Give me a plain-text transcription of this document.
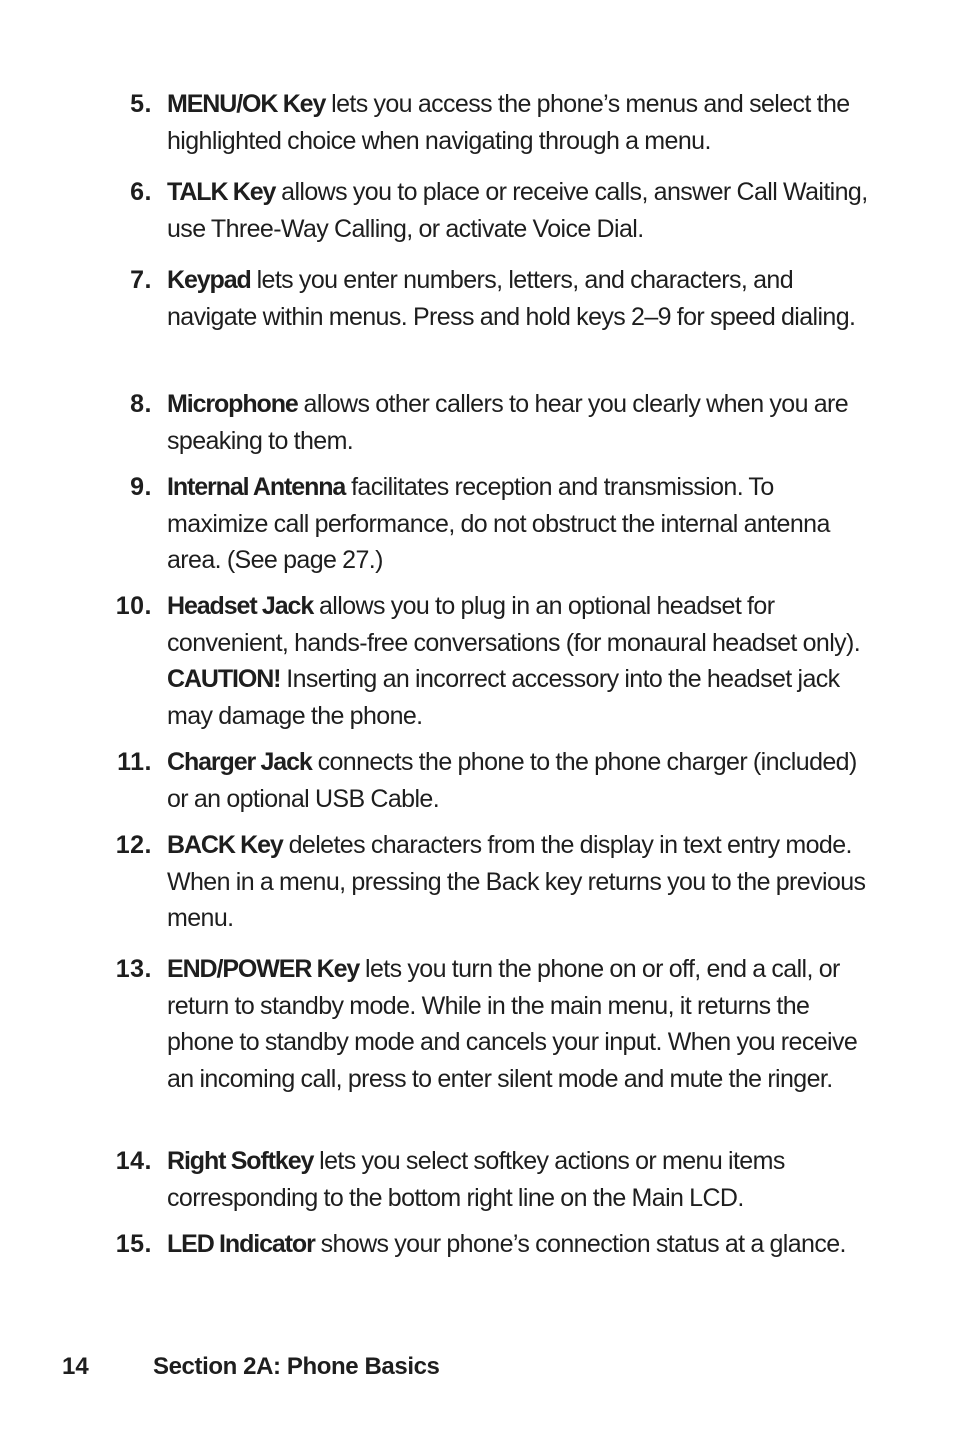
5. MENU/OK Key lets you access the phone’s menus and select the highlighted choice when navigating through a menu.
6. TALK Key allows you to place or receive calls, answer Call Waiting, use Three-Way Calling, or activate Voice Dial.
7. Keypad lets you enter numbers, letters, and characters, and navigate within menus. Press and hold keys 2–9 for speed dialing.
8. Microphone allows other callers to hear you clearly when you are speaking to them.
9. Internal Antenna facilitates reception and transmission. To maximize call performance, do not obstruct the internal antenna area. (See page 27.)
10. Headset Jack allows you to plug in an optional headset for convenient, hands-free conversations (for monaural headset only). CAUTION! Inserting an incorrect accessory into the headset jack may damage the phone.
11. Charger Jack connects the phone to the phone charger (included) or an optional USB Cable.
12. BACK Key deletes characters from the display in text entry mode. When in a menu, pressing the Back key returns you to the previous menu.
13. END/POWER Key lets you turn the phone on or off, end a call, or return to standby mode. While in the main menu, it returns the phone to standby mode and cancels your input. When you receive an incoming call, press to enter silent mode and mute the ringer.
14. Right Softkey lets you select softkey actions or menu items corresponding to the bottom right line on the Main LCD.
15. LED Indicator shows your phone’s connection status at a glance.
14	Section 2A: Phone Basics
